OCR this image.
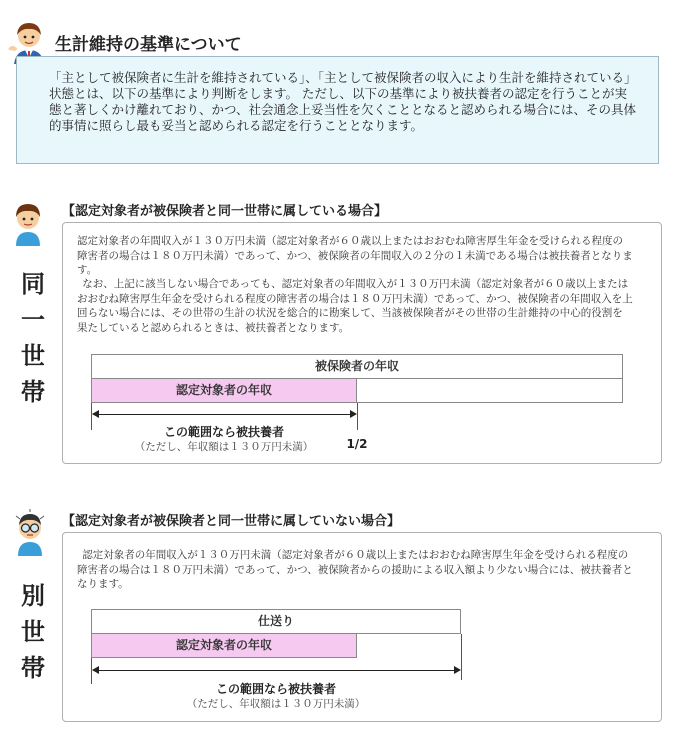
生計維持の基準について
「主として被保険者に生計を維持されている」、「主として被保険者の収入により生計を維持されている」状態とは、以下の基準により判断をします。 ただし、以下の基準により被扶養者の認定を行うことが実態と著しくかけ離れており、かつ、社会通念上妥当性を欠くこととなると認められる場合には、その具体的事情に照らし最も妥当と認められる認定を行うこととなります。
【認定対象者が被保険者と同一世帯に属している場合】
同一世帯
認定対象者の年間収入が１３０万円未満（認定対象者が６０歳以上またはおおむね障害厚生年金を受けられる程度の障害者の場合は１８０万円未満）であって、かつ、被保険者の年間収入の２分の１未満である場合は被扶養者となります。
なお、上記に該当しない場合であっても、認定対象者の年間収入が１３０万円未満（認定対象者が６０歳以上またはおおむね障害厚生年金を受けられる程度の障害者の場合は１８０万円未満）であって、かつ、被保険者の年間収入を上回らない場合には、その世帯の生計の状況を総合的に勘案して、当該被保険者がその世帯の生計維持の中心的役割を果たしていると認められるときは、被扶養者となります。
被保険者の年収
認定対象者の年収
この範囲なら被扶養者
（ただし、年収額は１３０万円未満）	1/2
【認定対象者が被保険者と同一世帯に属していない場合】
別世帯
認定対象者の年間収入が１３０万円未満（認定対象者が６０歳以上またはおおむね障害厚生年金を受けられる程度の障害者の場合は１８０万円未満）であって、かつ、被保険者からの援助による収入額より少ない場合には、被扶養者となります。
仕送り
認定対象者の年収
この範囲なら被扶養者
（ただし、年収額は１３０万円未満）
